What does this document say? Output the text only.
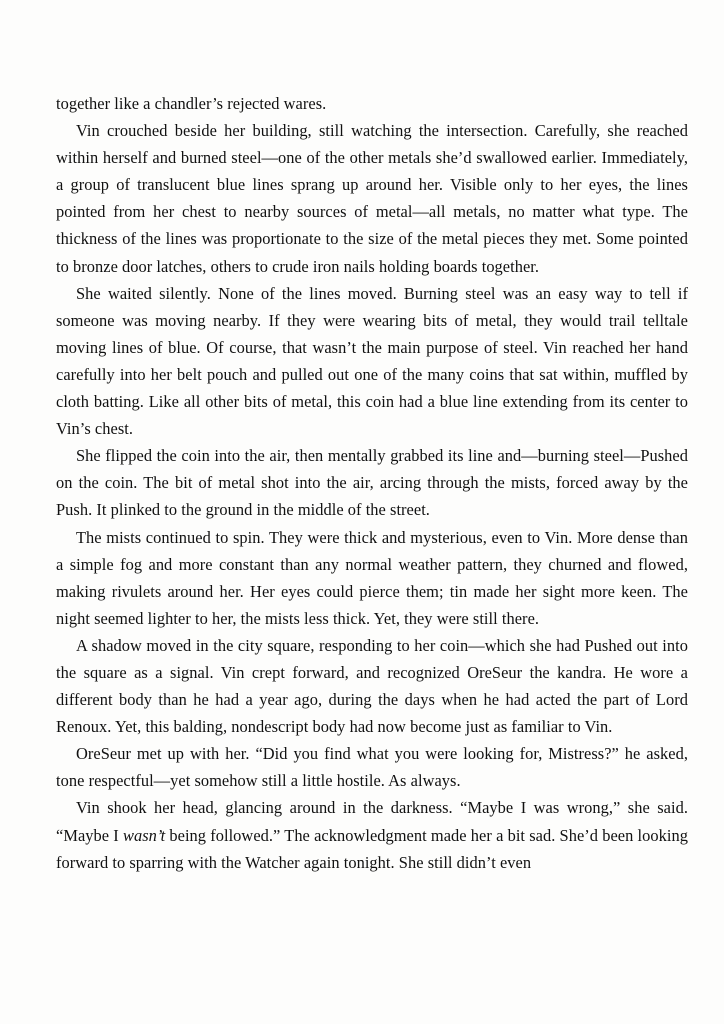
together like a chandler’s rejected wares.

Vin crouched beside her building, still watching the intersection. Carefully, she reached within herself and burned steel—one of the other metals she’d swallowed earlier. Immediately, a group of translucent blue lines sprang up around her. Visible only to her eyes, the lines pointed from her chest to nearby sources of metal—all metals, no matter what type. The thickness of the lines was proportionate to the size of the metal pieces they met. Some pointed to bronze door latches, others to crude iron nails holding boards together.

She waited silently. None of the lines moved. Burning steel was an easy way to tell if someone was moving nearby. If they were wearing bits of metal, they would trail telltale moving lines of blue. Of course, that wasn’t the main purpose of steel. Vin reached her hand carefully into her belt pouch and pulled out one of the many coins that sat within, muffled by cloth batting. Like all other bits of metal, this coin had a blue line extending from its center to Vin’s chest.

She flipped the coin into the air, then mentally grabbed its line and—burning steel—Pushed on the coin. The bit of metal shot into the air, arcing through the mists, forced away by the Push. It plinked to the ground in the middle of the street.

The mists continued to spin. They were thick and mysterious, even to Vin. More dense than a simple fog and more constant than any normal weather pattern, they churned and flowed, making rivulets around her. Her eyes could pierce them; tin made her sight more keen. The night seemed lighter to her, the mists less thick. Yet, they were still there.

A shadow moved in the city square, responding to her coin—which she had Pushed out into the square as a signal. Vin crept forward, and recognized OreSeur the kandra. He wore a different body than he had a year ago, during the days when he had acted the part of Lord Renoux. Yet, this balding, nondescript body had now become just as familiar to Vin.

OreSeur met up with her. “Did you find what you were looking for, Mistress?” he asked, tone respectful—yet somehow still a little hostile. As always.

Vin shook her head, glancing around in the darkness. “Maybe I was wrong,” she said. “Maybe I wasn’t being followed.” The acknowledgment made her a bit sad. She’d been looking forward to sparring with the Watcher again tonight. She still didn’t even
